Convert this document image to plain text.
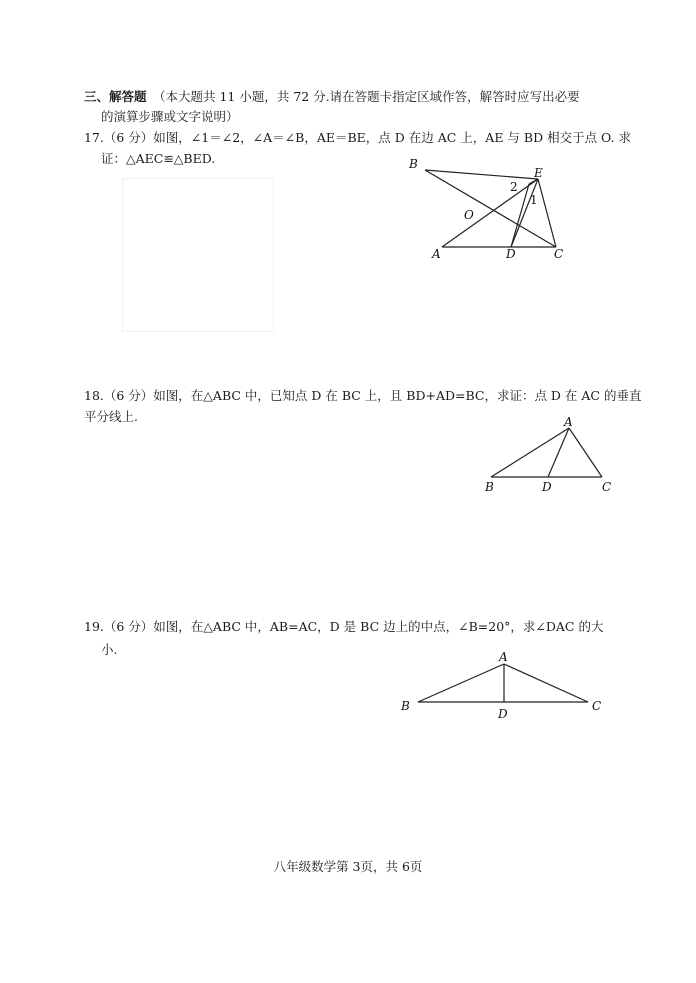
三、解答题 （本大题共 11 小题，共 72 分.请在答题卡指定区域作答，解答时应写出必要
的演算步骤或文字说明）
17.（6 分）如图，∠1＝∠2，∠A＝∠B，AE＝BE，点 D 在边 AC 上，AE 与 BD 相交于点 O. 求
证：△AEC≌△BED.	B
E
2
1
O
A	D	C
18.（6 分）如图，在△ABC 中，已知点 D 在 BC 上，且 BD+AD=BC，求证：点 D 在 AC 的垂直
平分线上.	A
B	D	C
19.（6 分）如图，在△ABC 中，AB=AC，D 是 BC 边上的中点，∠B=20°，求∠DAC 的大
小.	A
B
D
C
八年级数学第 3页，共 6页
